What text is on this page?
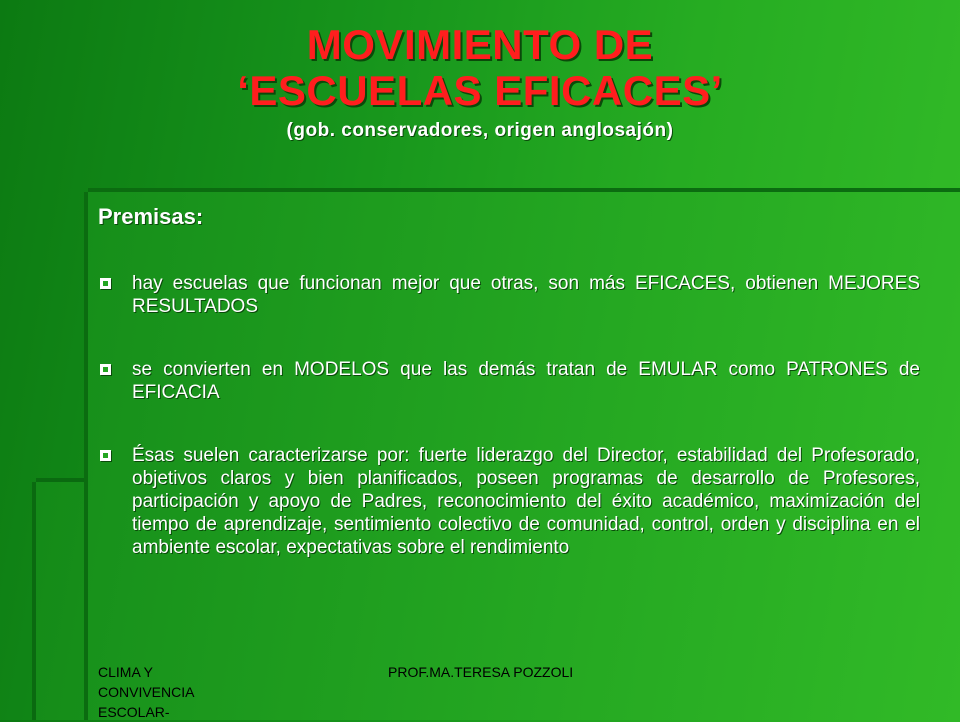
MOVIMIENTO DE
‘ESCUELAS EFICACES’
(gob. conservadores, origen anglosajón)
Premisas:
hay escuelas que funcionan mejor que otras, son más EFICACES, obtienen MEJORES RESULTADOS
se convierten en MODELOS que las demás tratan de EMULAR como PATRONES de EFICACIA
Ésas suelen caracterizarse por: fuerte liderazgo del Director, estabilidad del Profesorado, objetivos claros y bien planificados, poseen programas de desarrollo de Profesores, participación y apoyo de Padres, reconocimiento del éxito académico, maximización del tiempo de aprendizaje, sentimiento colectivo de comunidad, control, orden y disciplina en el ambiente escolar, expectativas sobre el rendimiento
CLIMA Y
CONVIVENCIA
ESCOLAR-
PROF.MA.TERESA POZZOLI
